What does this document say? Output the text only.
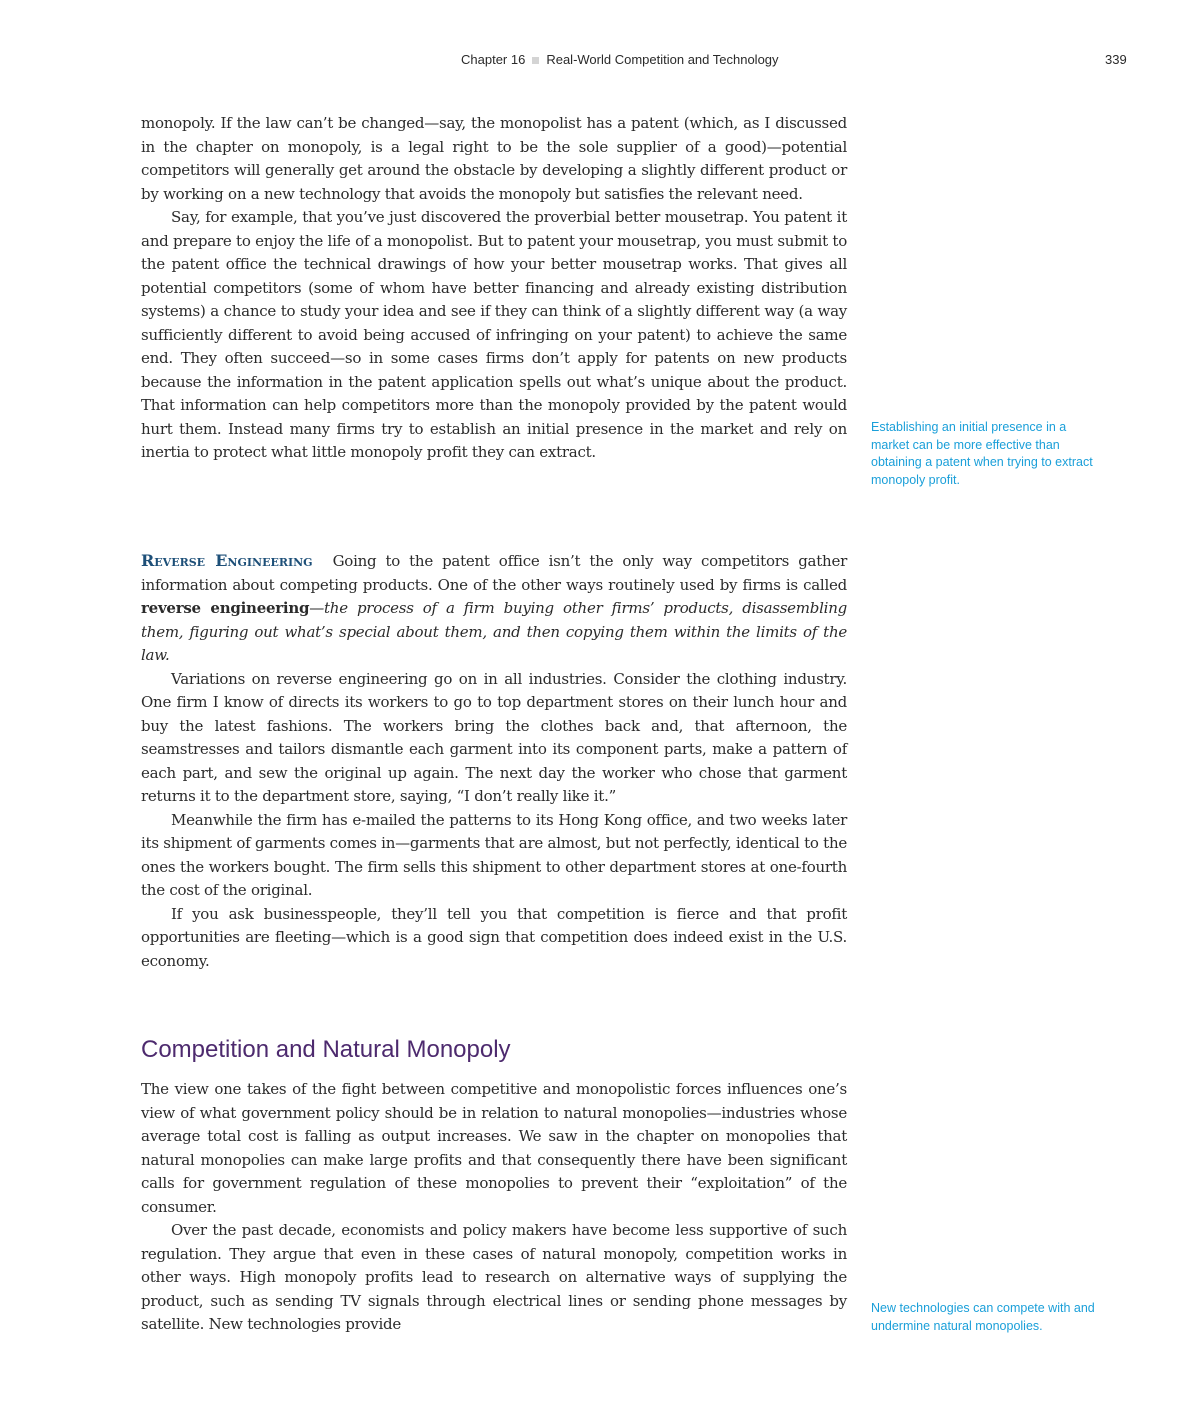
Chapter 16 Real-World Competition and Technology	339

monopoly. If the law can’t be changed—say, the monopolist has a patent (which, as I discussed in the chapter on monopoly, is a legal right to be the sole supplier of a good)—potential competitors will generally get around the obstacle by developing a slightly different product or by working on a new technology that avoids the monopoly but satisfies the relevant need.

Say, for example, that you’ve just discovered the proverbial better mousetrap. You patent it and prepare to enjoy the life of a monopolist. But to patent your mousetrap, you must submit to the patent office the technical drawings of how your better mousetrap works. That gives all potential competitors (some of whom have better financing and already existing distribution systems) a chance to study your idea and see if they can think of a slightly different way (a way sufficiently different to avoid being accused of infringing on your patent) to achieve the same end. They often succeed—so in some cases firms don’t apply for patents on new products because the information in the patent application spells out what’s unique about the product. That information can help competitors more than the monopoly provided by the patent would hurt them. Instead many firms try to establish an initial presence in the market and rely on inertia to protect what little monopoly profit they can extract.

Reverse Engineering Going to the patent office isn’t the only way competitors gather information about competing products. One of the other ways routinely used by firms is called reverse engineering—the process of a firm buying other firms’ products, disassembling them, figuring out what’s special about them, and then copying them within the limits of the law.

Variations on reverse engineering go on in all industries. Consider the clothing industry. One firm I know of directs its workers to go to top department stores on their lunch hour and buy the latest fashions. The workers bring the clothes back and, that afternoon, the seamstresses and tailors dismantle each garment into its component parts, make a pattern of each part, and sew the original up again. The next day the worker who chose that garment returns it to the department store, saying, “I don’t really like it.”

Meanwhile the firm has e-mailed the patterns to its Hong Kong office, and two weeks later its shipment of garments comes in—garments that are almost, but not perfectly, identical to the ones the workers bought. The firm sells this shipment to other department stores at one-fourth the cost of the original.

If you ask businesspeople, they’ll tell you that competition is fierce and that profit opportunities are fleeting—which is a good sign that competition does indeed exist in the U.S. economy.

Competition and Natural Monopoly

The view one takes of the fight between competitive and monopolistic forces influences one’s view of what government policy should be in relation to natural monopolies—industries whose average total cost is falling as output increases. We saw in the chapter on monopolies that natural monopolies can make large profits and that consequently there have been significant calls for government regulation of these monopolies to prevent their “exploitation” of the consumer.

Over the past decade, economists and policy makers have become less supportive of such regulation. They argue that even in these cases of natural monopoly, competition works in other ways. High monopoly profits lead to research on alternative ways of supplying the product, such as sending TV signals through electrical lines or sending phone messages by satellite. New technologies provide

Establishing an initial presence in a market can be more effective than obtaining a patent when trying to extract monopoly profit.
New technologies can compete with and undermine natural monopolies.
